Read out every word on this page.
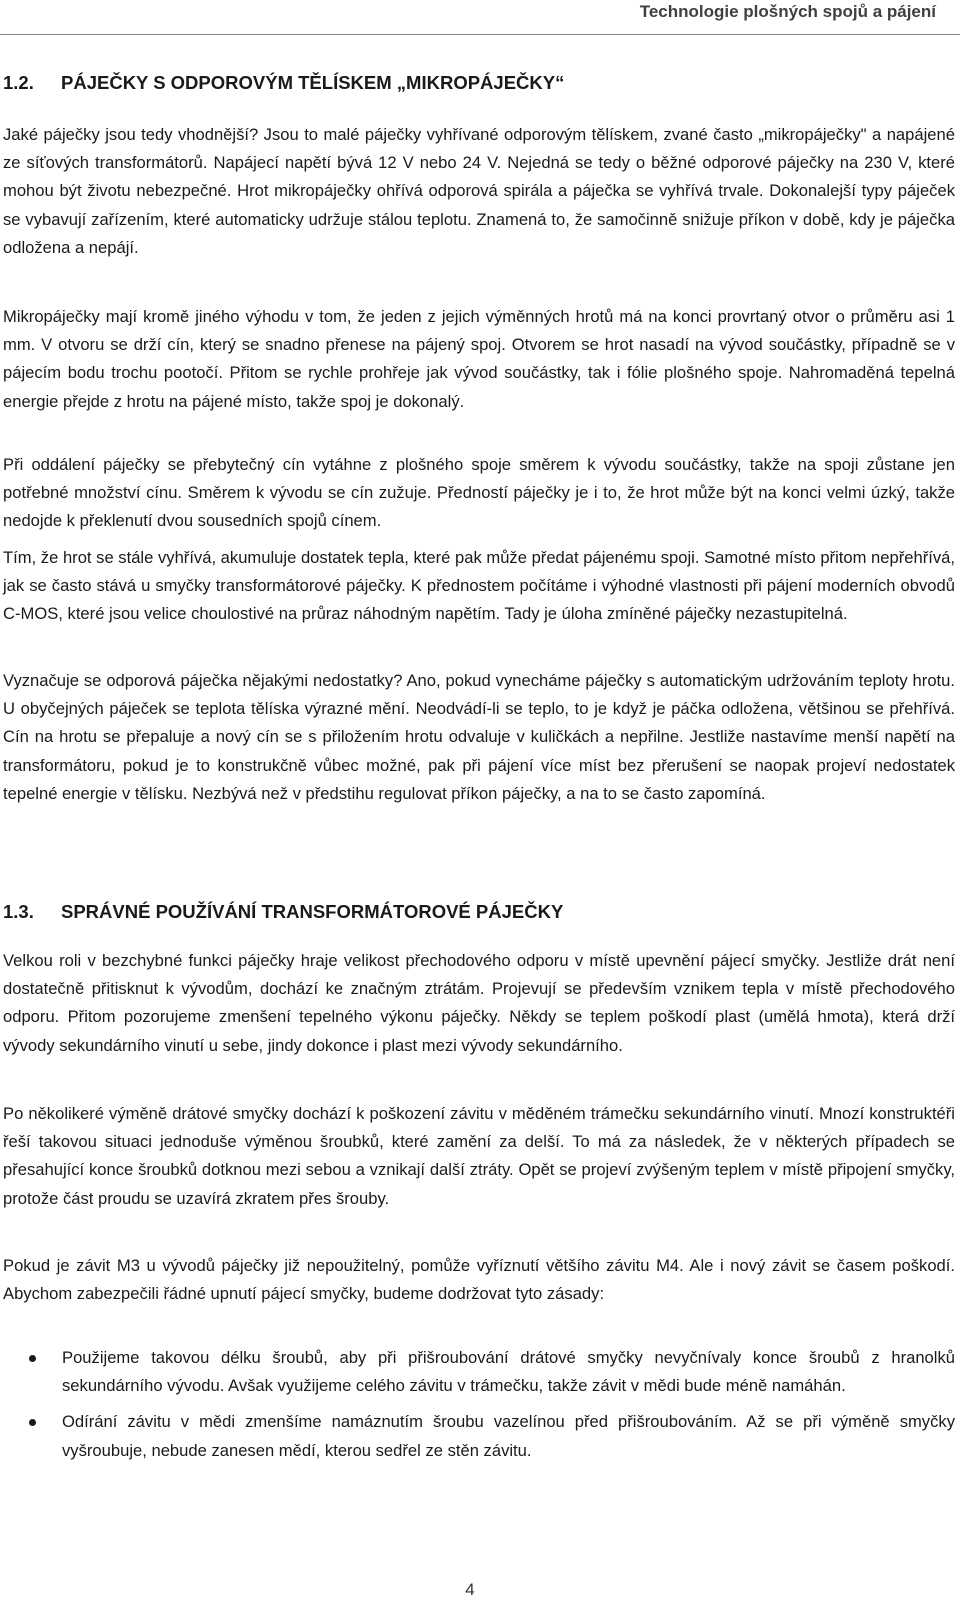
Technologie plošných spojů a pájení
1.2. PÁJEČKY S ODPOROVÝM TĚLÍSKEM „MIKROPÁJEČKY“

Jaké páječky jsou tedy vhodnější? Jsou to malé páječky vyhřívané odporovým tělískem, zvané často „mikropáječky" a napájené ze síťových transformátorů. Napájecí napětí bývá 12 V nebo 24 V. Nejedná se tedy o běžné odporové páječky na 230 V, které mohou být životu nebezpečné. Hrot mikropáječky ohřívá odporová spirála a páječka se vyhřívá trvale. Dokonalejší typy páječek se vybavují zařízením, které automaticky udržuje stálou teplotu. Znamená to, že samočinně snižuje příkon v době, kdy je páječka odložena a nepájí.

Mikropáječky mají kromě jiného výhodu v tom, že jeden z jejich výměnných hrotů má na konci provrtaný otvor o průměru asi 1 mm. V otvoru se drží cín, který se snadno přenese na pájený spoj. Otvorem se hrot nasadí na vývod součástky, případně se v pájecím bodu trochu pootočí. Přitom se rychle prohřeje jak vývod součástky, tak i fólie plošného spoje. Nahromaděná tepelná energie přejde z hrotu na pájené místo, takže spoj je dokonalý.

Při oddálení páječky se přebytečný cín vytáhne z plošného spoje směrem k vývodu součástky, takže na spoji zůstane jen potřebné množství cínu. Směrem k vývodu se cín zužuje. Předností páječky je i to, že hrot může být na konci velmi úzký, takže nedojde k překlenutí dvou sousedních spojů cínem.

Tím, že hrot se stále vyhřívá, akumuluje dostatek tepla, které pak může předat pájenému spoji. Samotné místo přitom nepřehřívá, jak se často stává u smyčky transformátorové páječky. K přednostem počítáme i výhodné vlastnosti při pájení moderních obvodů C-MOS, které jsou velice choulostivé na průraz náhodným napětím. Tady je úloha zmíněné páječky nezastupitelná.

Vyznačuje se odporová páječka nějakými nedostatky? Ano, pokud vynecháme páječky s automatickým udržováním teploty hrotu. U obyčejných páječek se teplota tělíska výrazné mění. Neodvádí-li se teplo, to je když je páčka odložena, většinou se přehřívá. Cín na hrotu se přepaluje a nový cín se s přiložením hrotu odvaluje v kuličkách a nepřilne. Jestliže nastavíme menší napětí na transformátoru, pokud je to konstrukčně vůbec možné, pak při pájení více míst bez přerušení se naopak projeví nedostatek tepelné energie v tělísku. Nezbývá než v předstihu regulovat příkon páječky, a na to se často zapomíná.

1.3. SPRÁVNÉ POUŽÍVÁNÍ TRANSFORMÁTOROVÉ PÁJEČKY

Velkou roli v bezchybné funkci páječky hraje velikost přechodového odporu v místě upevnění pájecí smyčky. Jestliže drát není dostatečně přitisknut k vývodům, dochází ke značným ztrátám. Projevují se především vznikem tepla v místě přechodového odporu. Přitom pozorujeme zmenšení tepelného výkonu páječky. Někdy se teplem poškodí plast (umělá hmota), která drží vývody sekundárního vinutí u sebe, jindy dokonce i plast mezi vývody sekundárního.

Po několikeré výměně drátové smyčky dochází k poškození závitu v měděném trámečku sekundárního vinutí. Mnozí konstruktéři řeší takovou situaci jednoduše výměnou šroubků, které zamění za delší. To má za následek, že v některých případech se přesahující konce šroubků dotknou mezi sebou a vznikají další ztráty. Opět se projeví zvýšeným teplem v místě připojení smyčky, protože část proudu se uzavírá zkratem přes šrouby.

Pokud je závit M3 u vývodů páječky již nepoužitelný, pomůže vyříznutí většího závitu M4. Ale i nový závit se časem poškodí. Abychom zabezpečili řádné upnutí pájecí smyčky, budeme dodržovat tyto zásady:

Použijeme takovou délku šroubů, aby při přišroubování drátové smyčky nevyčnívaly konce šroubů z hranolků sekundárního vývodu. Avšak využijeme celého závitu v trámečku, takže závit v mědi bude méně namáhán.
Odírání závitu v mědi zmenšíme namáznutím šroubu vazelínou před přišroubováním. Až se při výměně smyčky vyšroubuje, nebude zanesen mědí, kterou sedřel ze stěn závitu.
4
